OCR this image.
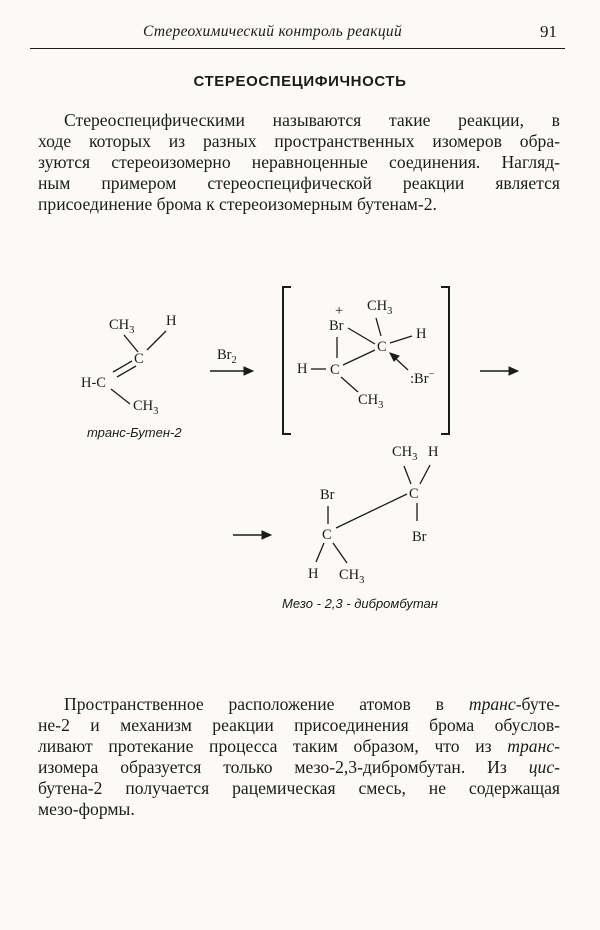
Стереохимический контроль реакций	91
СТЕРЕОСПЕЦИФИЧНОСТЬ
Стереоспецифическими называются такие реакции, в
ходе которых из разных пространственных изомеров обра-
зуются стереоизомерно неравноценные соединения. Нагляд-
ным примером стереоспецифической реакции является
присоединение брома к стереоизомерным бутенам-2.
$CH_3$
H
C
H-C
$CH_3$
транс-Бутен-2
$Br_2$
+
Br
$CH_3$
C
H
H C
$CH_3$
:Br−
$CH_3$ H
C
Br
Br
C
H $CH_3$
Мезо - 2,3 - дибромбутан
Пространственное расположение атомов в транс-буте-
не-2 и механизм реакции присоединения брома обуслов-
ливают протекание процесса таким образом, что из транс-
изомера образуется только мезо-2,3-дибромбутан. Из цис-
бутена-2 получается рацемическая смесь, не содержащая
мезо-формы.
